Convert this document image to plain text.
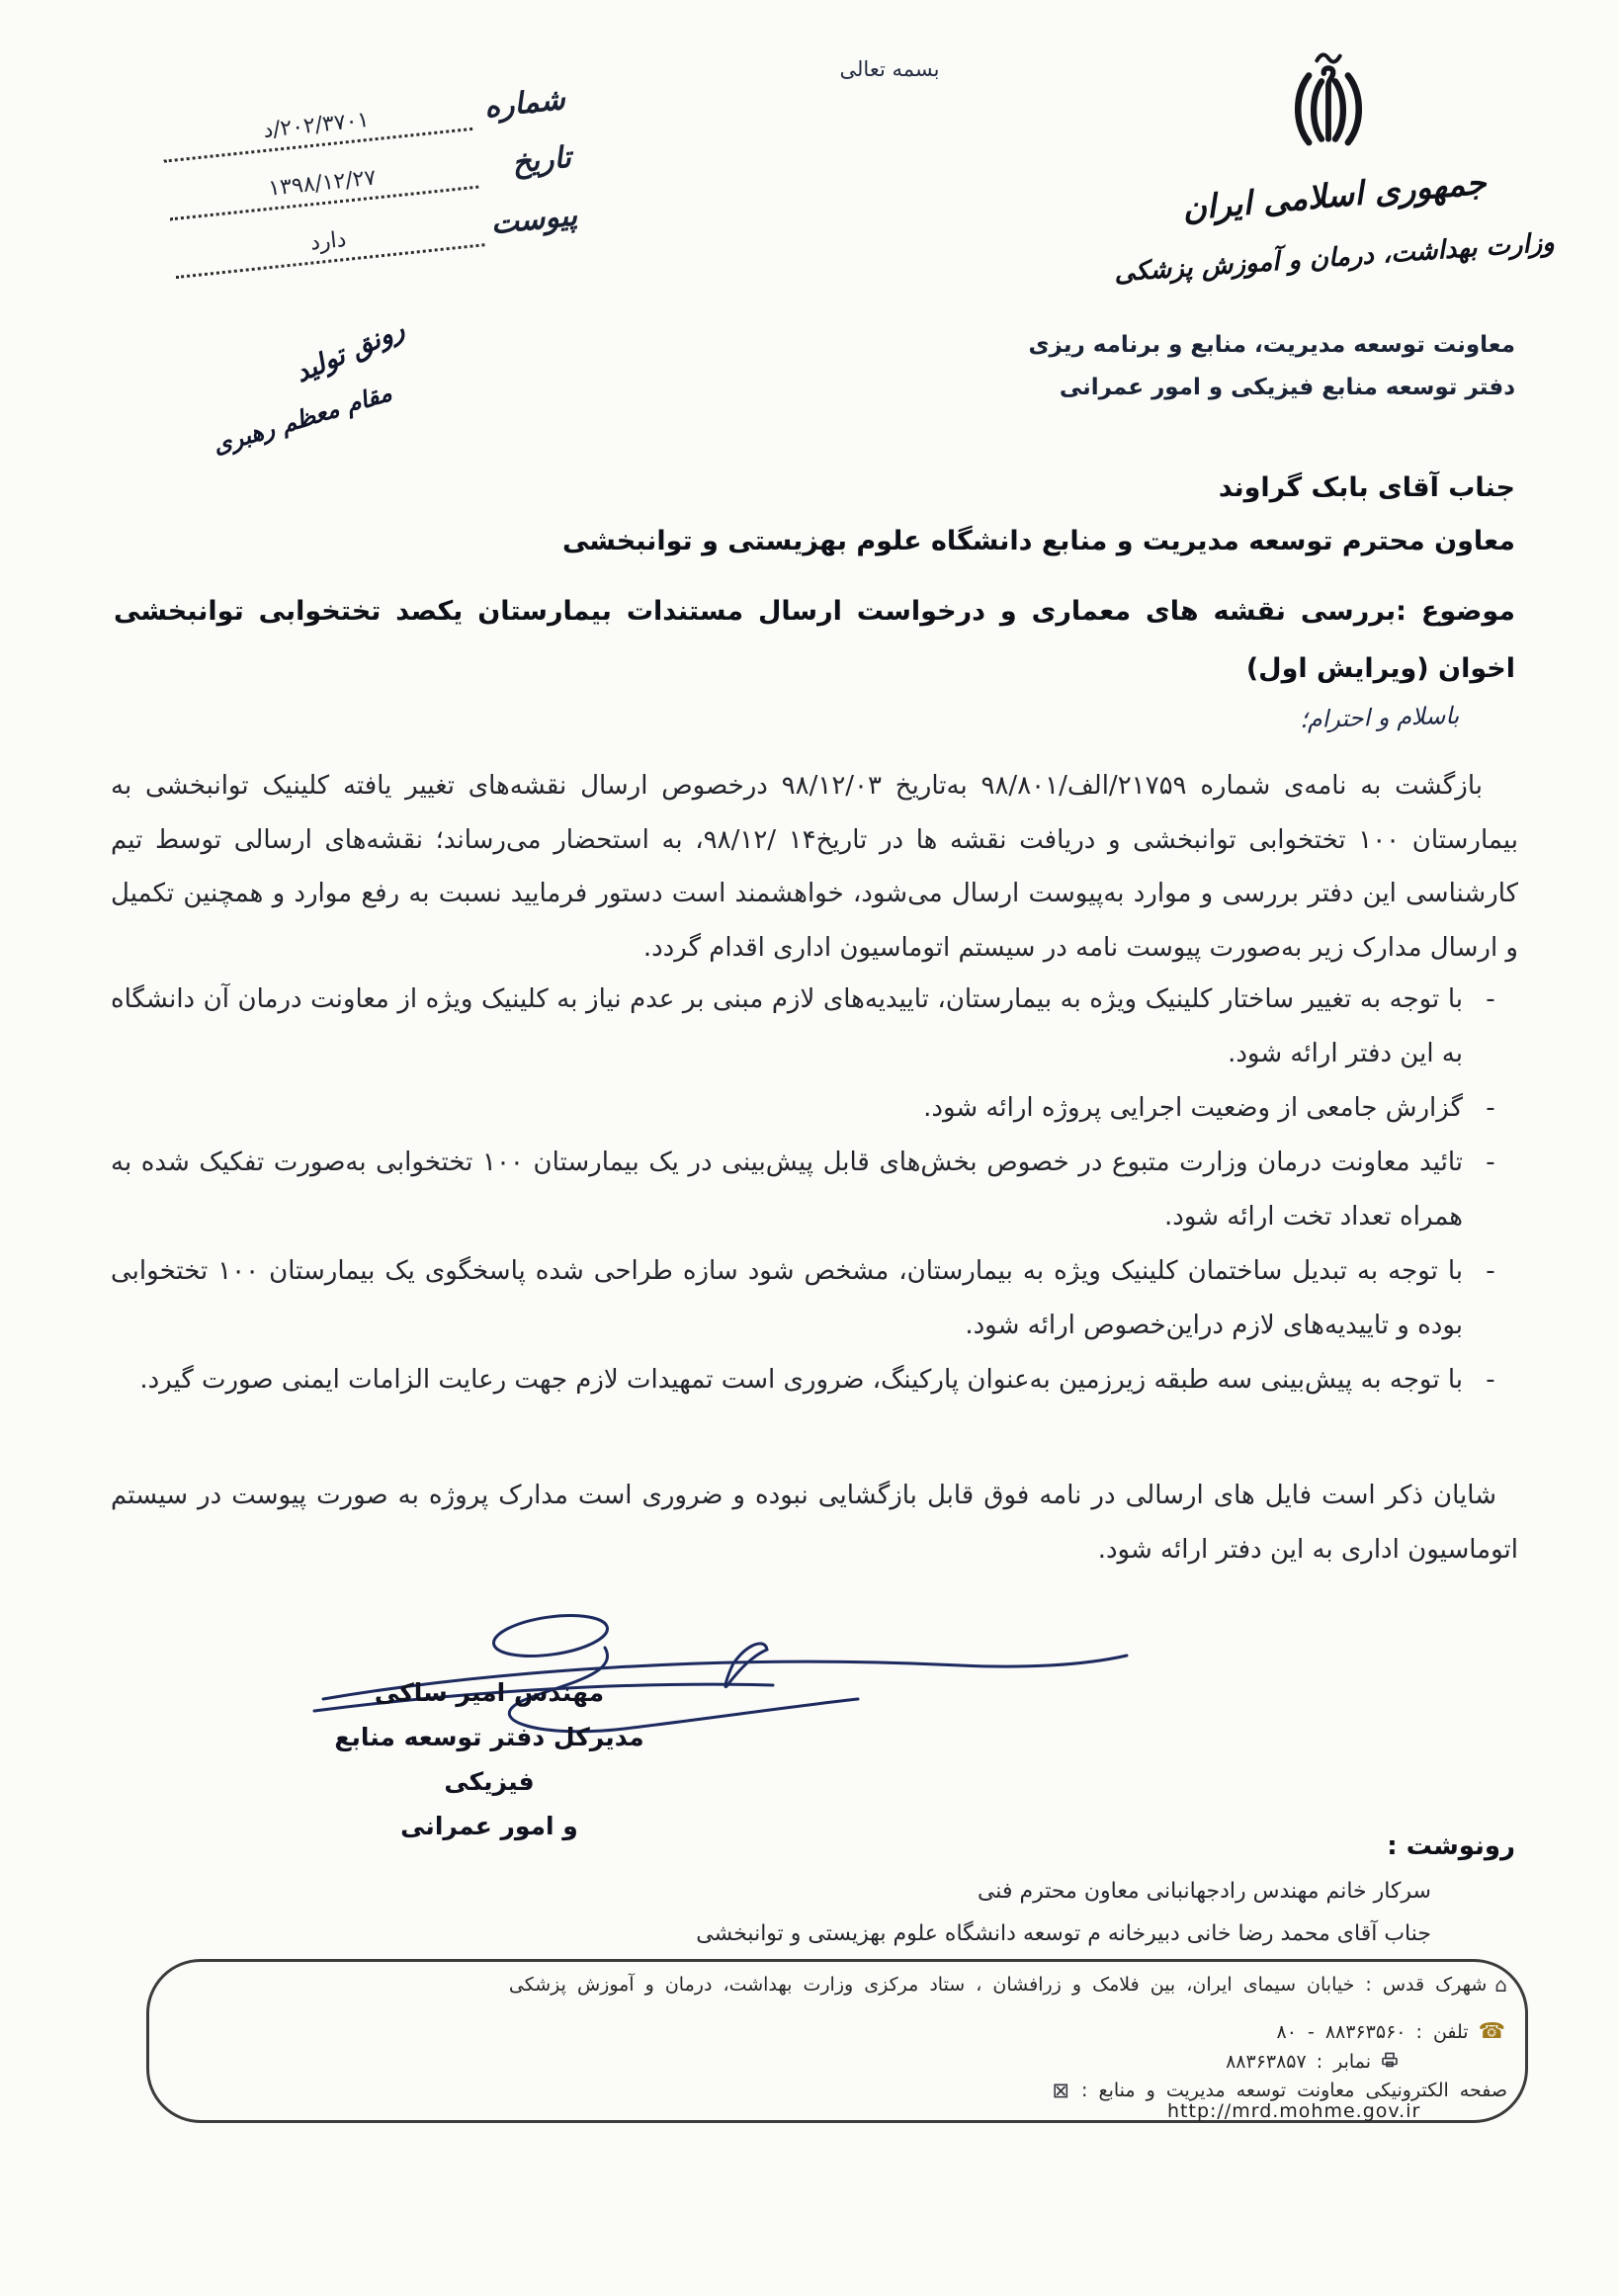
بسمه تعالی
جمهوری اسلامی ایران
وزارت بهداشت، درمان و آموزش پزشکی
شماره
۲۰۲/۳۷۰۱/د
تاریخ
۱۳۹۸/۱۲/۲۷
پیوست
دارد
معاونت توسعه مدیریت، منابع و برنامه ریزی
دفتر توسعه منابع فیزیکی و امور عمرانی
رونق تولید
مقام معظم رهبری
جناب آقای بابک گراوند
معاون محترم توسعه مدیریت و منابع دانشگاه علوم بهزیستی و توانبخشی
موضوع :بررسی نقشه های معماری و درخواست ارسال مستندات بیمارستان یکصد تختخوابی توانبخشی اخوان (ویرایش اول)
باسلام و احترام؛
بازگشت به نامه‌ی شماره ۲۱۷۵۹/الف/۹۸/۸۰۱ به‌تاریخ ۹۸/۱۲/۰۳ درخصوص ارسال نقشه‌های تغییر یافته کلینیک توانبخشی به بیمارستان ۱۰۰ تختخوابی توانبخشی و دریافت نقشه ها در تاریخ۱۴ /۹۸/۱۲، به استحضار می‌رساند؛ نقشه‌های ارسالی توسط تیم کارشناسی این دفتر بررسی و موارد به‌پیوست ارسال می‌شود، خواهشمند است دستور فرمایید نسبت به رفع موارد و همچنین تکمیل و ارسال مدارک زیر به‌صورت پیوست نامه در سیستم اتوماسیون اداری اقدام گردد.
-
با توجه به تغییر ساختار کلینیک ویژه به بیمارستان، تاییدیه‌های لازم مبنی بر عدم نیاز به کلینیک ویژه از معاونت درمان آن دانشگاه به این دفتر ارائه شود.
-
گزارش جامعی از وضعیت اجرایی پروژه ارائه شود.
-
تائید معاونت درمان وزارت متبوع در خصوص بخش‌های قابل پیش‌بینی در یک بیمارستان ۱۰۰ تختخوابی به‌صورت تفکیک شده به همراه تعداد تخت ارائه شود.
-
با توجه به تبدیل ساختمان کلینیک ویژه به بیمارستان، مشخص شود سازه طراحی شده پاسخگوی یک بیمارستان ۱۰۰ تختخوابی بوده و تاییدیه‌های لازم دراین‌خصوص ارائه شود.
-
با توجه به پیش‌بینی سه طبقه زیرزمین به‌عنوان پارکینگ، ضروری است تمهیدات لازم جهت رعایت الزامات ایمنی صورت گیرد.
شایان ذکر است فایل های ارسالی در نامه فوق قابل بازگشایی نبوده و ضروری است مدارک پروژه به صورت پیوست در سیستم اتوماسیون اداری به این دفتر ارائه شود.
مهندس امیر ساکی
مدیرکل دفتر توسعه منابع فیزیکی
و امور عمرانی
رونوشت :
سرکار خانم مهندس رادجهانبانی معاون محترم فنی
جناب آقای محمد رضا خانی دبیرخانه م توسعه دانشگاه علوم بهزیستی و توانبخشی
⌂
شهرک قدس : خیابان سیمای ایران، بین فلامک و زرافشان ، ستاد مرکزی وزارت بهداشت، درمان و آموزش پزشکی
☎
تلفن :
۸۰ - ۸۸۳۶۳۵۶۰
نمابر :
۸۸۳۶۳۸۵۷
صفحه الکترونیکی معاونت توسعه مدیریت و منابع :
⊠
http://mrd.mohme.gov.ir
